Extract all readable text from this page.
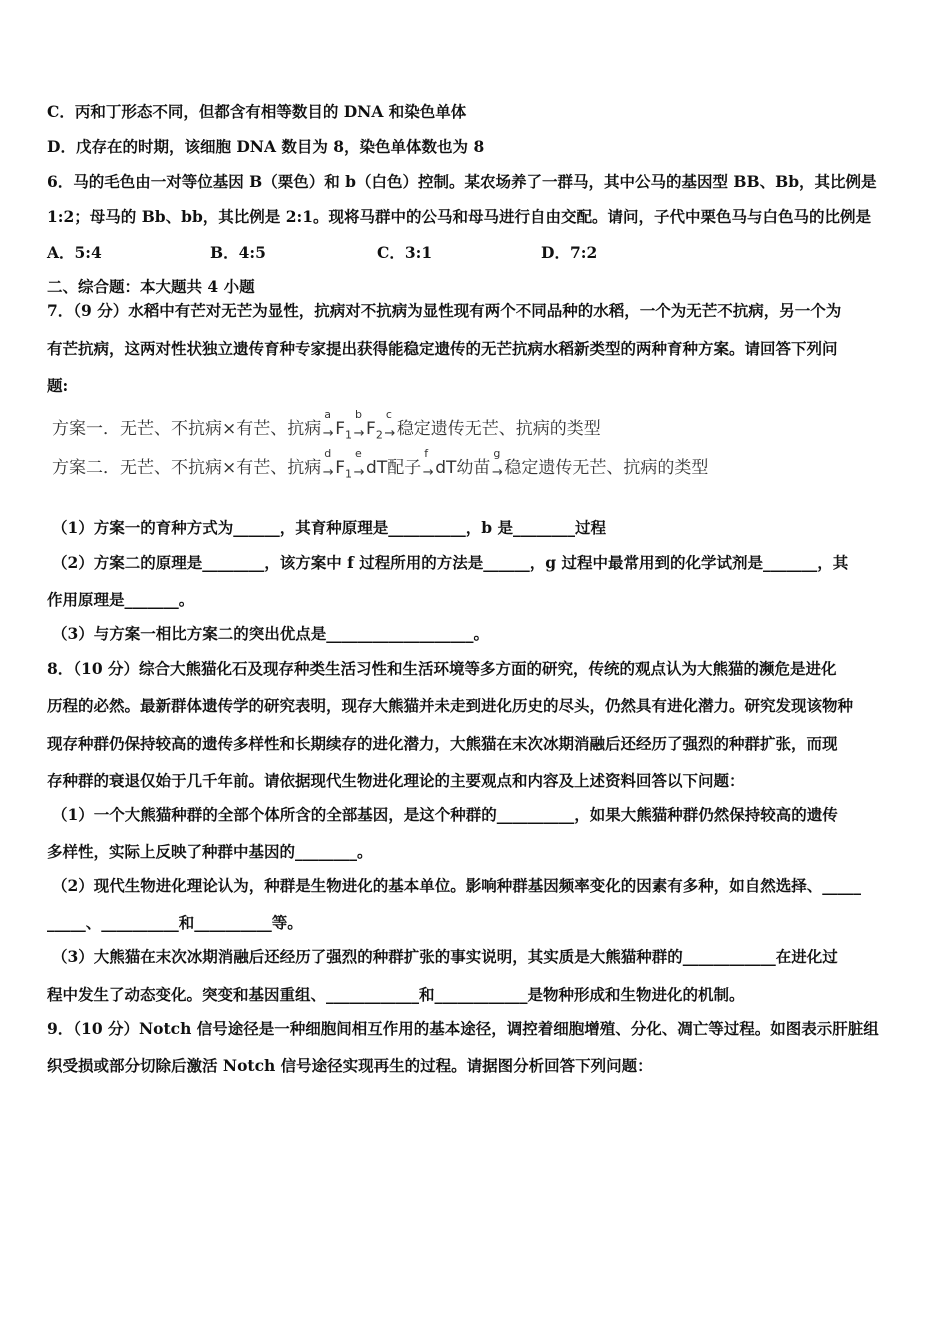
C．丙和丁形态不同，但都含有相等数目的 DNA 和染色单体
D．戊存在的时期，该细胞 DNA 数目为 8，染色单体数也为 8
6．马的毛色由一对等位基因 B（栗色）和 b（白色）控制。某农场养了一群马，其中公马的基因型 BB、Bb，其比例是
1:2；母马的 Bb、bb，其比例是 2:1。现将马群中的公马和母马进行自由交配。请问，子代中栗色马与白色马的比例是
A．5:4	B．4:5	C．3:1	D．7:2
二、综合题：本大题共 4 小题
7．（9 分）水稻中有芒对无芒为显性，抗病对不抗病为显性现有两个不同品种的水稻，一个为无芒不抗病，另一个为
有芒抗病，这两对性状独立遗传育种专家提出获得能稳定遗传的无芒抗病水稻新类型的两种育种方案。请回答下列问
题:
方案一．无芒、不抗病×有芒、抗病
a
$\to F_1$
b
$\to F_2$
c
→稳定遗传无芒、抗病的类型
方案二．无芒、不抗病×有芒、抗病
d
$\to F_1$
e
→dT配子
f
→dT幼苗
g
→稳定遗传无芒、抗病的类型
（1）方案一的育种方式为______，其育种原理是__________，b 是________过程
（2）方案二的原理是________，该方案中 f 过程所用的方法是______，g 过程中最常用到的化学试剂是_______，其
作用原理是_______。
（3）与方案一相比方案二的突出优点是___________________。
8．（10 分）综合大熊猫化石及现存种类生活习性和生活环境等多方面的研究，传统的观点认为大熊猫的濒危是进化
历程的必然。最新群体遗传学的研究表明，现存大熊猫并未走到进化历史的尽头，仍然具有进化潜力。研究发现该物种
现存种群仍保持较高的遗传多样性和长期续存的进化潜力，大熊猫在末次冰期消融后还经历了强烈的种群扩张，而现
存种群的衰退仅始于几千年前。请依据现代生物进化理论的主要观点和内容及上述资料回答以下问题：
（1）一个大熊猫种群的全部个体所含的全部基因，是这个种群的__________，如果大熊猫种群仍然保持较高的遗传
多样性，实际上反映了种群中基因的________。
（2）现代生物进化理论认为，种群是生物进化的基本单位。影响种群基因频率变化的因素有多种，如自然选择、_____
_____、__________和__________等。
（3）大熊猫在末次冰期消融后还经历了强烈的种群扩张的事实说明，其实质是大熊猫种群的____________在进化过
程中发生了动态变化。突变和基因重组、____________和____________是物种形成和生物进化的机制。
9．（10 分）Notch 信号途径是一种细胞间相互作用的基本途径，调控着细胞增殖、分化、凋亡等过程。如图表示肝脏组
织受损或部分切除后激活 Notch 信号途径实现再生的过程。请据图分析回答下列问题：
